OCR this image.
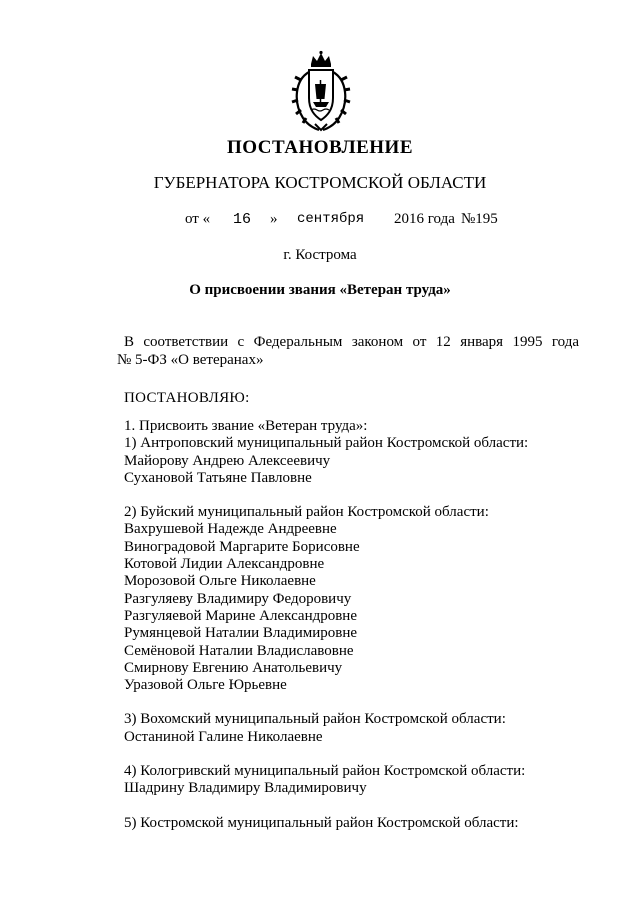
ПОСТАНОВЛЕНИЕ
ГУБЕРНАТОРА КОСТРОМСКОЙ ОБЛАСТИ
от « 16 » сентября 2016 года №195
г. Кострома
О присвоении звания «Ветеран труда»
В соответствии с Федеральным законом от 12 января 1995 года
№ 5-ФЗ «О ветеранах»
ПОСТАНОВЛЯЮ:
1. Присвоить звание «Ветеран труда»:
1) Антроповский муниципальный район Костромской области:
Майорову Андрею Алексеевичу
Сухановой Татьяне Павловне
2) Буйский муниципальный район Костромской области:
Вахрушевой Надежде Андреевне
Виноградовой Маргарите Борисовне
Котовой Лидии Александровне
Морозовой Ольге Николаевне
Разгуляеву Владимиру Федоровичу
Разгуляевой Марине Александровне
Румянцевой Наталии Владимировне
Семёновой Наталии Владиславовне
Смирнову Евгению Анатольевичу
Уразовой Ольге Юрьевне
3) Вохомский муниципальный район Костромской области:
Останиной Галине Николаевне
4) Кологривский муниципальный район Костромской области:
Шадрину Владимиру Владимировичу
5) Костромской муниципальный район Костромской области:
